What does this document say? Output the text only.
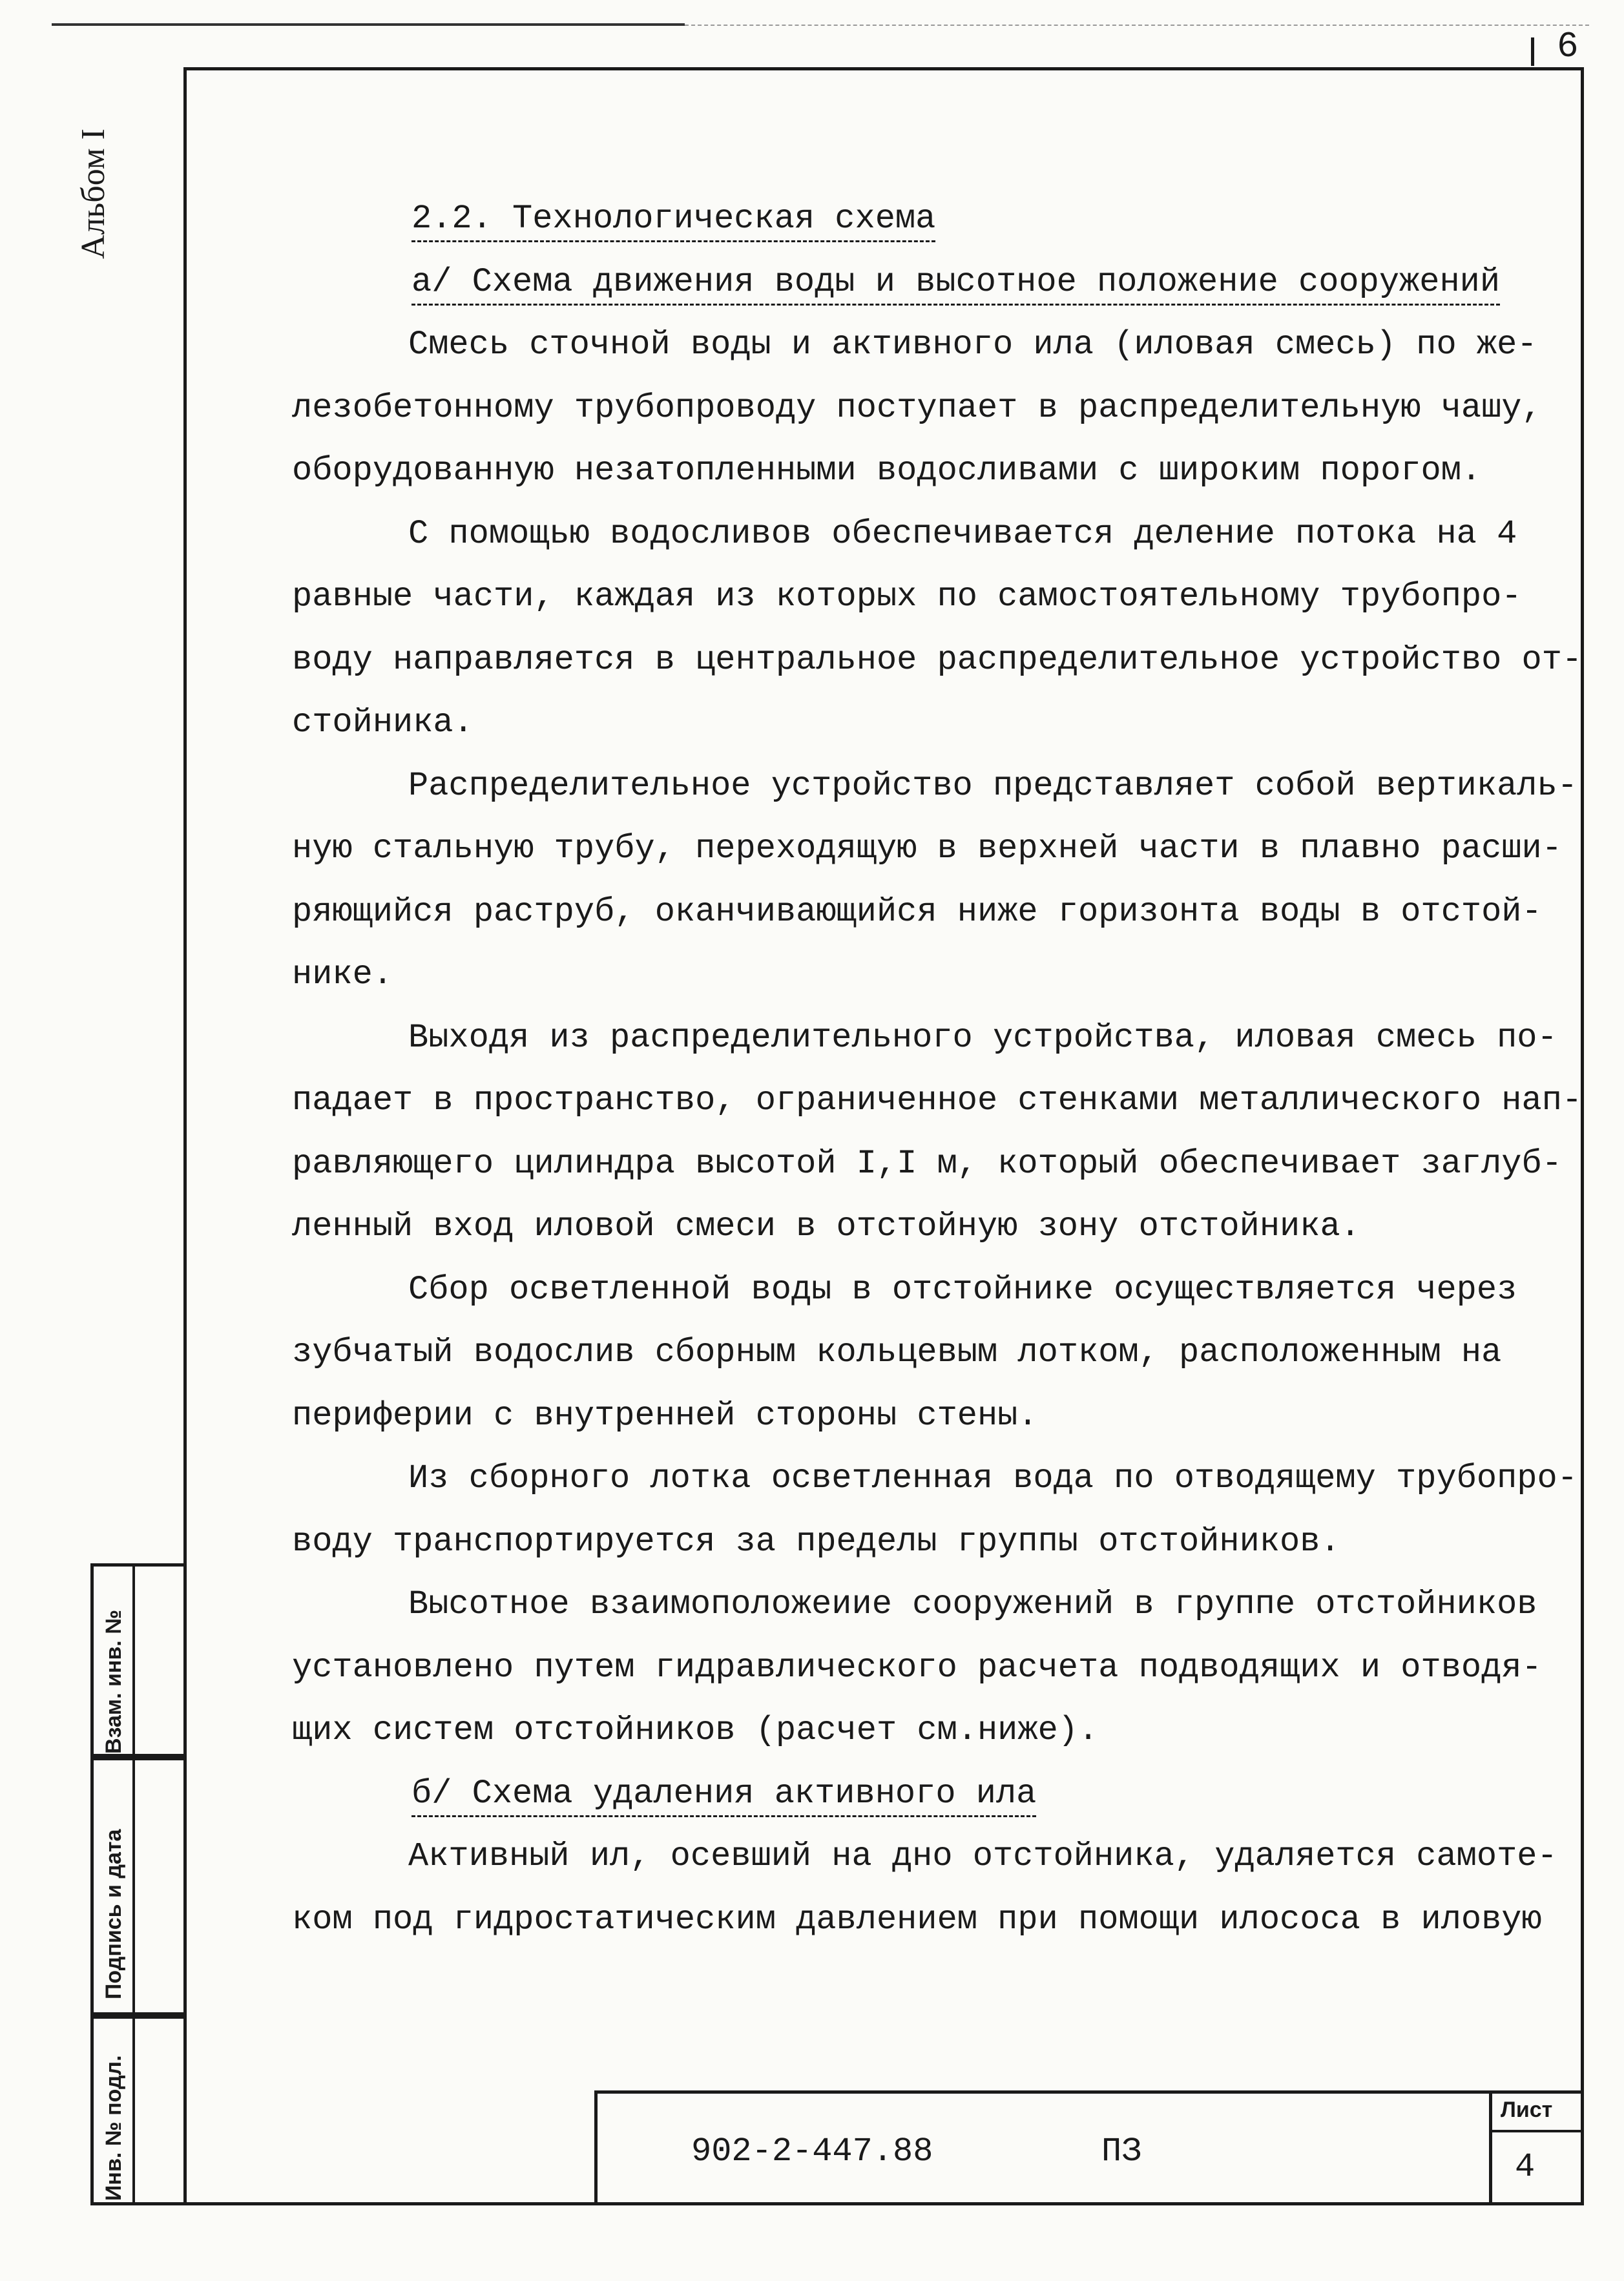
6
Альбом I	2.2. Технологическая схема
а/ Схема движения воды и высотное положение сооружений
Смесь сточной воды и активного ила (иловая смесь) по же-
лезобетонному трубопроводу поступает в распределительную чашу,
оборудованную незатопленными водосливами с широким порогом.
С помощью водосливов обеспечивается деление потока на 4
равные части, каждая из которых по самостоятельному трубопро-
воду направляется в центральное распределительное устройство от-
стойника.
Распределительное устройство представляет собой вертикаль-
ную стальную трубу, переходящую в верхней части в плавно расши-
ряющийся раструб, оканчивающийся ниже горизонта воды в отстой-
нике.
Выходя из распределительного устройства, иловая смесь по-
падает в пространство, ограниченное стенками металлического нап-
равляющего цилиндра высотой I,I м, который обеспечивает заглуб-
ленный вход иловой смеси в отстойную зону отстойника.
Сбор осветленной воды в отстойнике осуществляется через
зубчатый водослив сборным кольцевым лотком, расположенным на
периферии с внутренней стороны стены.
Из сборного лотка осветленная вода по отводящему трубопро-
воду транспортируется за пределы группы отстойников.
Высотное взаимоположеиие сооружений в группе отстойников
установлено путем гидравлического расчета подводящих и отводя-
щих систем отстойников (расчет см.ниже).
б/ Схема удаления активного ила
Активный ил, осевший на дно отстойника, удаляется самоте-
ком под гидростатическим давлением при помощи илососа в иловую
Взам. инв. №
Подпись и дата
Инв. № подл.	902-2-447.88	ПЗ
Лист
4
